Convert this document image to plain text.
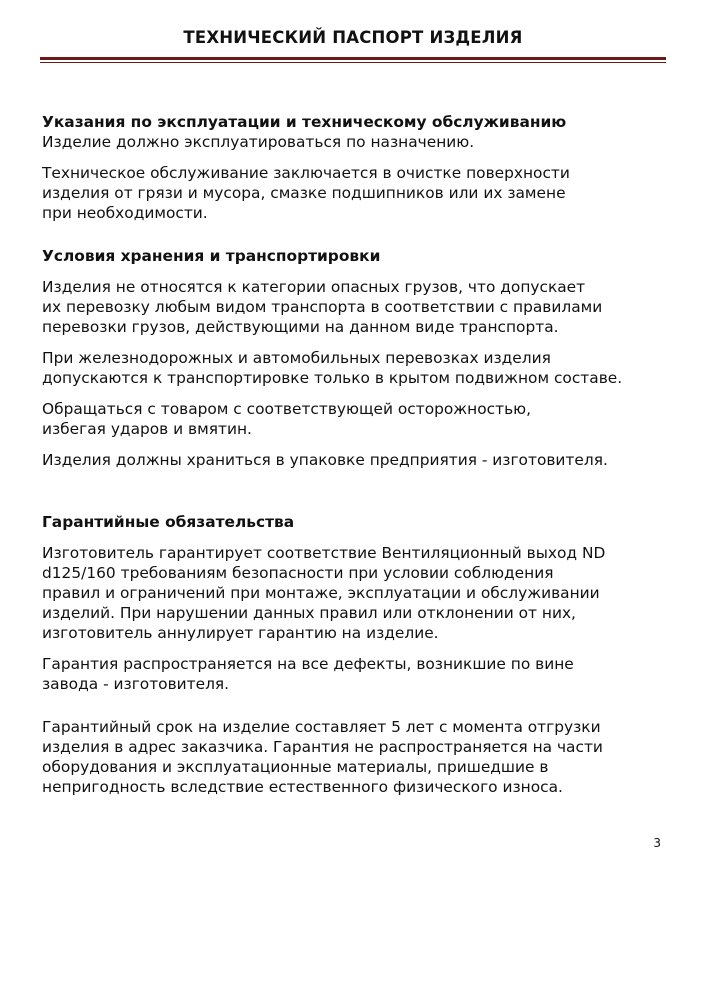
ТЕХНИЧЕСКИЙ ПАСПОРТ ИЗДЕЛИЯ
Указания по эксплуатации и техническому обслуживанию

Изделие должно эксплуатироваться по назначению.

Техническое обслуживание заключается в очистке поверхности
изделия от грязи и мусора, смазке подшипников или их замене
при необходимости.

Условия хранения и транспортировки

Изделия не относятся к категории опасных грузов, что допускает
их перевозку любым видом транспорта в соответствии с правилами
перевозки грузов, действующими на данном виде транспорта.

При железнодорожных и автомобильных перевозках изделия
допускаются к транспортировке только в крытом подвижном составе.

Обращаться с товаром с соответствующей осторожностью,
избегая ударов и вмятин.

Изделия должны храниться в упаковке предприятия - изготовителя.

Гарантийные обязательства

Изготовитель гарантирует соответствие Вентиляционный выход ND
d125/160 требованиям безопасности при условии соблюдения
правил и ограничений при монтаже, эксплуатации и обслуживании
изделий. При нарушении данных правил или отклонении от них,
изготовитель аннулирует гарантию на изделие.

Гарантия распространяется на все дефекты, возникшие по вине
завода - изготовителя.

Гарантийный срок на изделие составляет 5 лет с момента отгрузки
изделия в адрес заказчика. Гарантия не распространяется на части
оборудования и эксплуатационные материалы, пришедшие в
непригодность вследствие естественного физического износа.

3
